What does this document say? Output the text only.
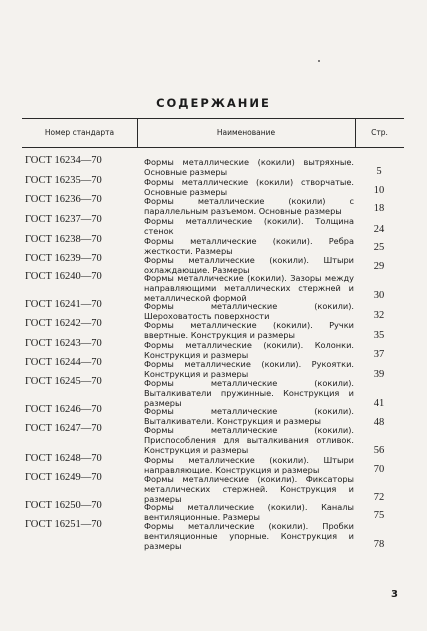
СОДЕРЖАНИЕ
Номер стандарта	Наименование	Стр.
ГОСТ 16234—70	Формы металлические (кокили) вытряхные. Основные размеры	5
ГОСТ 16235—70	Формы металлические (кокили) створчатые. Основные размеры	10
ГОСТ 16236—70	Формы металлические (кокили) с параллельным разъемом. Основные размеры	18
ГОСТ 16237—70	Формы металлические (кокили). Толщина стенок	24
ГОСТ 16238—70	Формы металлические (кокили). Ребра жесткости. Размеры	25
ГОСТ 16239—70	Формы металлические (кокили). Штыри охлаждающие. Размеры	29
ГОСТ 16240—70	Формы металлические (кокили). Зазоры между направляющими металлических стержней и металлической формой	30
ГОСТ 16241—70	Формы металлические (кокили). Шероховатость поверхности	32
ГОСТ 16242—70	Формы металлические (кокили). Ручки ввертные. Конструкция и размеры	35
ГОСТ 16243—70	Формы металлические (кокили). Колонки. Конструкция и размеры	37
ГОСТ 16244—70	Формы металлические (кокили). Рукоятки. Конструкция и размеры	39
ГОСТ 16245—70	Формы металлические (кокили). Выталкиватели пружинные. Конструкция и размеры	41
ГОСТ 16246—70	Формы металлические (кокили). Выталкиватели. Конструкция и размеры	48
ГОСТ 16247—70	Формы металлические (кокили). Приспособления для выталкивания отливок. Конструкция и размеры	56
ГОСТ 16248—70	Формы металлические (кокили). Штыри направляющие. Конструкция и размеры	70
ГОСТ 16249—70	Формы металлические (кокили). Фиксаторы металлических стержней. Конструкция и размеры	72
ГОСТ 16250—70	Формы металлические (кокили). Каналы вентиляционные. Размеры	75
ГОСТ 16251—70	Формы металлические (кокили). Пробки вентиляционные упорные. Конструкция и размеры	78
3
